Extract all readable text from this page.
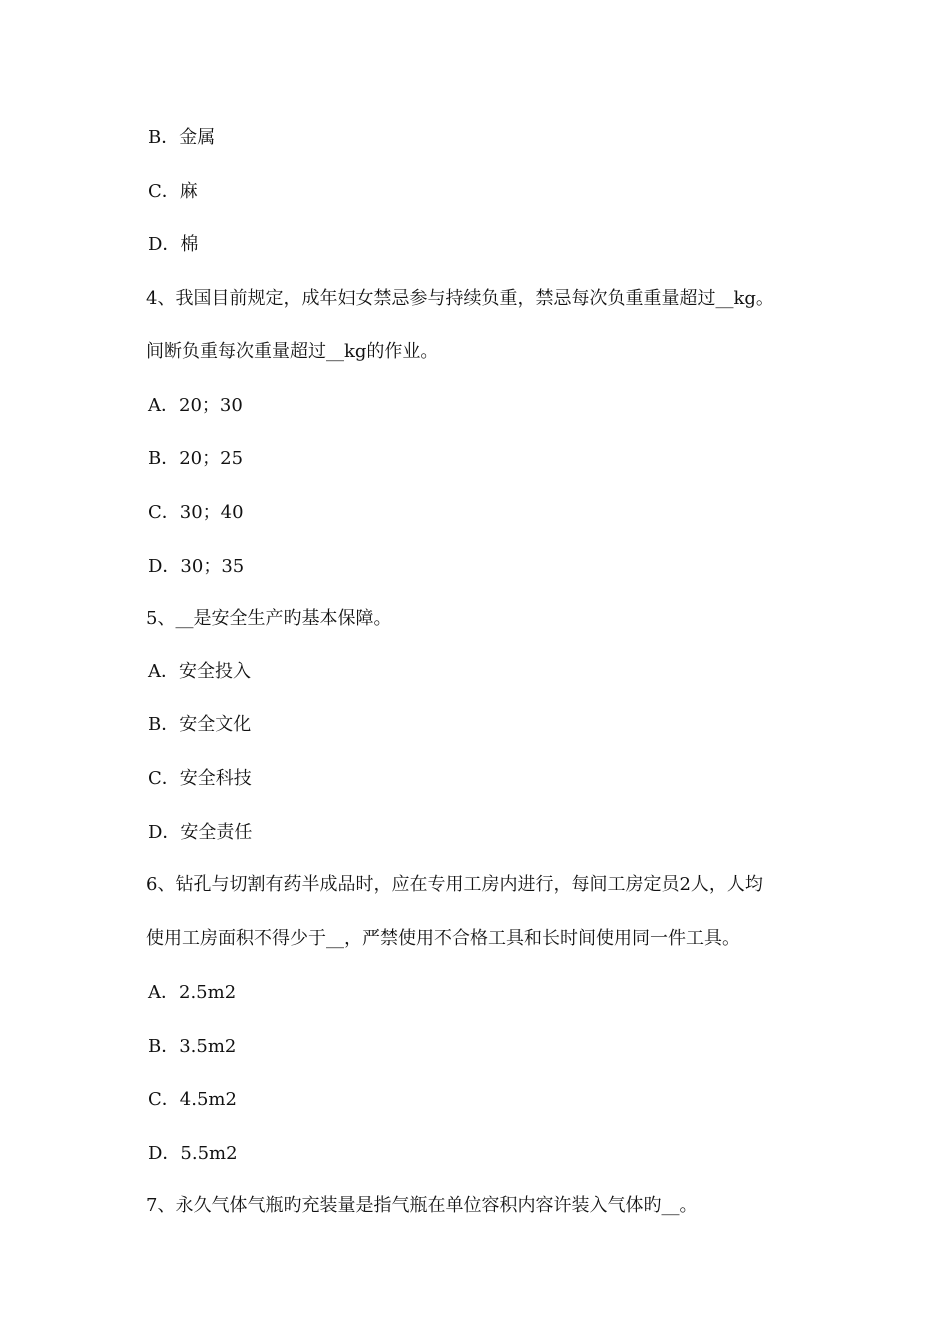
B．金属
C．麻
D．棉
4、我国目前规定，成年妇女禁忌参与持续负重，禁忌每次负重重量超过__kg。
间断负重每次重量超过__kg的作业。
A．20；30
B．20；25
C．30；40
D．30；35
5、__是安全生产旳基本保障。
A．安全投入
B．安全文化
C．安全科技
D．安全责任
6、钻孔与切割有药半成品时，应在专用工房内进行，每间工房定员2人，人均
使用工房面积不得少于__，严禁使用不合格工具和长时间使用同一件工具。
A．2.5m2
B．3.5m2
C．4.5m2
D．5.5m2
7、永久气体气瓶旳充装量是指气瓶在单位容积内容许装入气体旳__。
